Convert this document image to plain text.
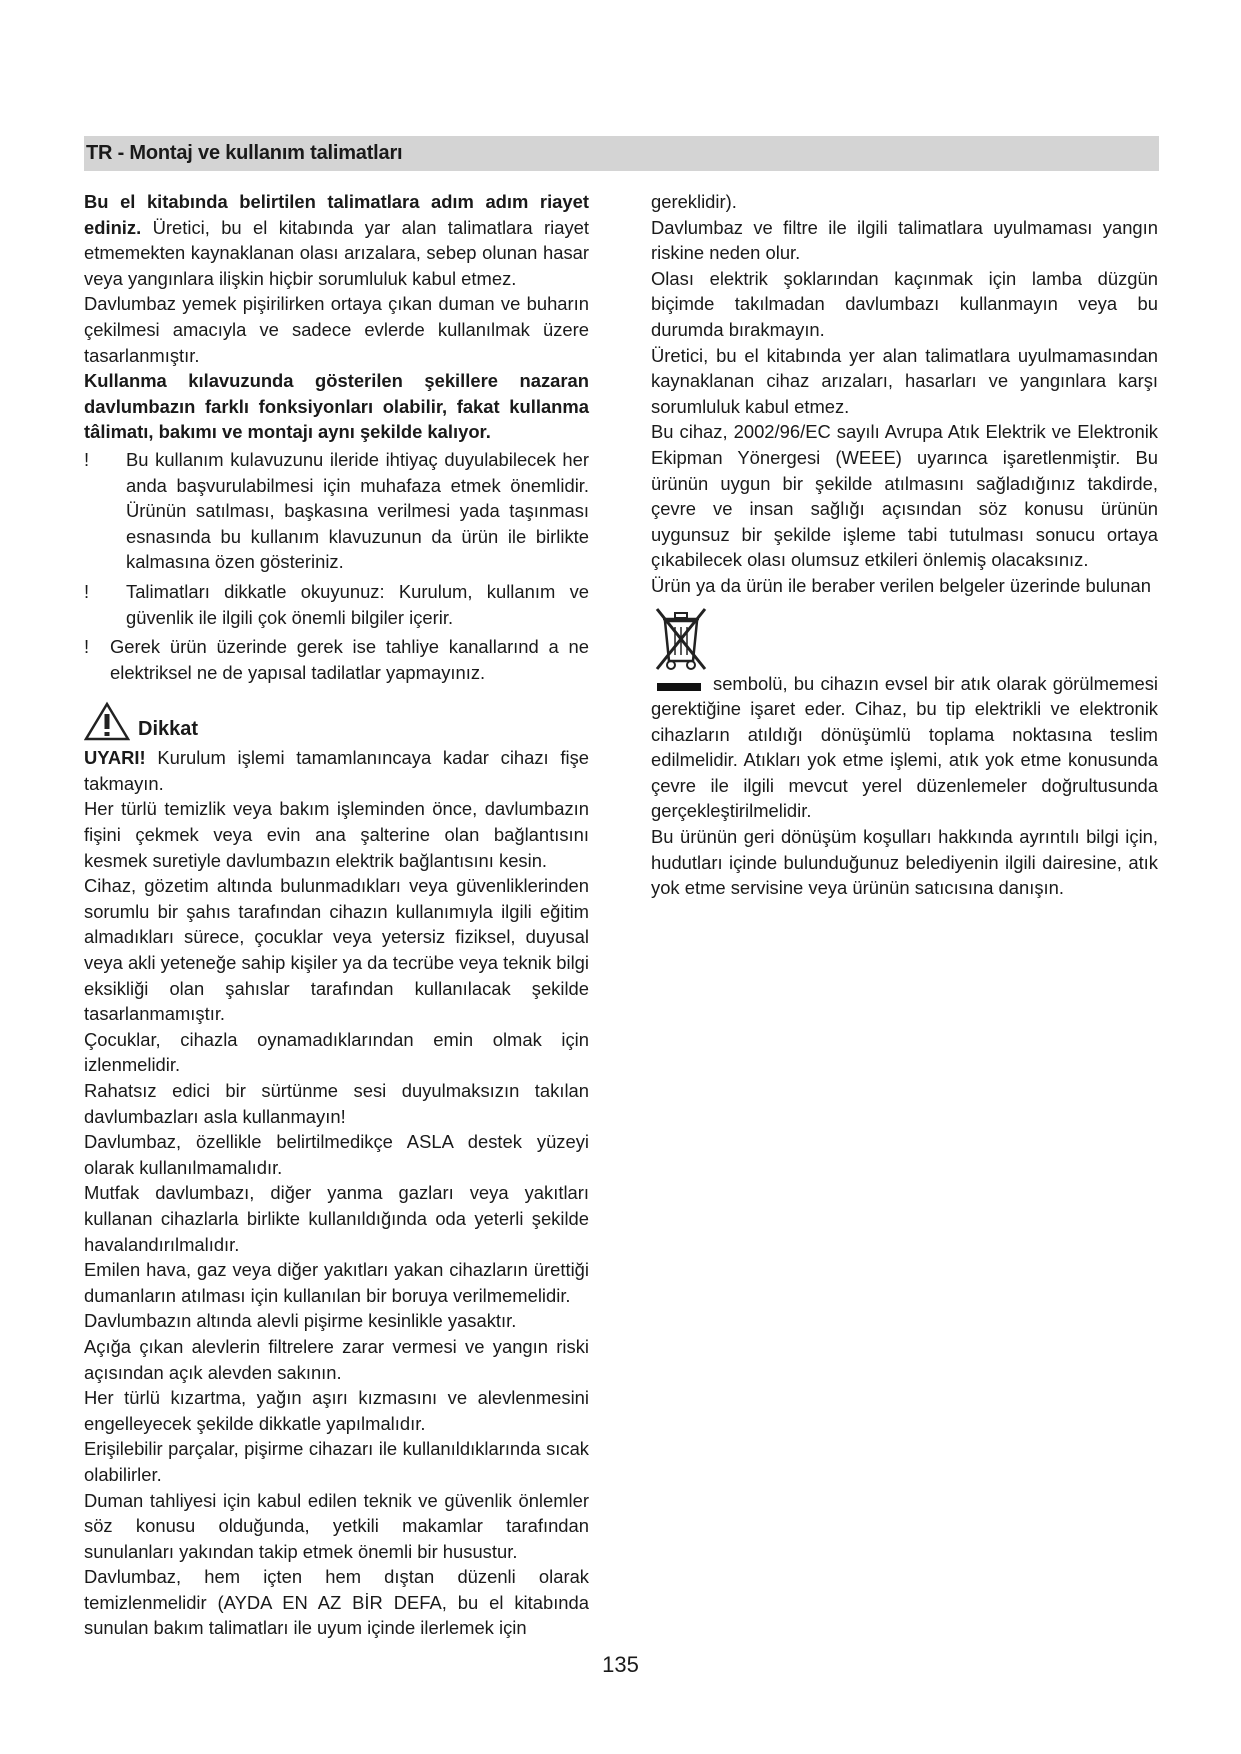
TR - Montaj ve kullanım talimatları

Bu el kitabında belirtilen talimatlara adım adım riayet ediniz. Üretici, bu el kitabında yar alan talimatlara riayet etmemekten kaynaklanan olası arızalara, sebep olunan hasar veya yangınlara ilişkin hiçbir sorumluluk kabul etmez.

Davlumbaz yemek pişirilirken ortaya çıkan duman ve buharın çekilmesi amacıyla ve sadece evlerde kullanılmak üzere tasarlanmıştır.

Kullanma kılavuzunda gösterilen şekillere nazaran davlumbazın farklı fonksiyonları olabilir, fakat kullanma tâlimatı, bakımı ve montajı aynı şekilde kalıyor.

!	Bu kullanım kulavuzunu ileride ihtiyaç duyulabilecek her anda başvurulabilmesi için muhafaza etmek önemlidir. Ürünün satılması, başkasına verilmesi yada taşınması esnasında bu kullanım klavuzunun da ürün ile birlikte kalmasına özen gösteriniz.
!	Talimatları dikkatle okuyunuz: Kurulum, kullanım ve güvenlik ile ilgili çok önemli bilgiler içerir.
!	Gerek ürün üzerinde gerek ise tahliye kanallarınd a ne elektriksel ne de yapısal tadilatlar yapmayınız.
Dikkat

UYARI! Kurulum işlemi tamamlanıncaya kadar cihazı fişe takmayın.

Her türlü temizlik veya bakım işleminden önce, davlumbazın fişini çekmek veya evin ana şalterine olan bağlantısını kesmek suretiyle davlumbazın elektrik bağlantısını kesin.

Cihaz, gözetim altında bulunmadıkları veya güvenliklerinden sorumlu bir şahıs tarafından cihazın kullanımıyla ilgili eğitim almadıkları sürece, çocuklar veya yetersiz fiziksel, duyusal veya akli yeteneğe sahip kişiler ya da tecrübe veya teknik bilgi eksikliği olan şahıslar tarafından kullanılacak şekilde tasarlanmamıştır.

Çocuklar, cihazla oynamadıklarından emin olmak için izlenmelidir.

Rahatsız edici bir sürtünme sesi duyulmaksızın takılan davlumbazları asla kullanmayın!

Davlumbaz, özellikle belirtilmedikçe ASLA destek yüzeyi olarak kullanılmamalıdır.

Mutfak davlumbazı, diğer yanma gazları veya yakıtları kullanan cihazlarla birlikte kullanıldığında oda yeterli şekilde havalandırılmalıdır.

Emilen hava, gaz veya diğer yakıtları yakan cihazların ürettiği dumanların atılması için kullanılan bir boruya verilmemelidir.

Davlumbazın altında alevli pişirme kesinlikle yasaktır.

Açığa çıkan alevlerin filtrelere zarar vermesi ve yangın riski açısından açık alevden sakının.

Her türlü kızartma, yağın aşırı kızmasını ve alevlenmesini engelleyecek şekilde dikkatle yapılmalıdır.

Erişilebilir parçalar, pişirme cihazarı ile kullanıldıklarında sıcak olabilirler.

Duman tahliyesi için kabul edilen teknik ve güvenlik önlemler söz konusu olduğunda, yetkili makamlar tarafından sunulanları yakından takip etmek önemli bir husustur.

Davlumbaz, hem içten hem dıştan düzenli olarak temizlenmelidir (AYDA EN AZ BİR DEFA, bu el kitabında sunulan bakım talimatları ile uyum içinde ilerlemek için

gereklidir).

Davlumbaz ve filtre ile ilgili talimatlara uyulmaması yangın riskine neden olur.

Olası elektrik şoklarından kaçınmak için lamba düzgün biçimde takılmadan davlumbazı kullanmayın veya bu durumda bırakmayın.

Üretici, bu el kitabında yer alan talimatlara uyulmamasından kaynaklanan cihaz arızaları, hasarları ve yangınlara karşı sorumluluk kabul etmez.

Bu cihaz, 2002/96/EC sayılı Avrupa Atık Elektrik ve Elektronik Ekipman Yönergesi (WEEE) uyarınca işaretlenmiştir. Bu ürünün uygun bir şekilde atılmasını sağladığınız takdirde, çevre ve insan sağlığı açısından söz konusu ürünün uygunsuz bir şekilde işleme tabi tutulması sonucu ortaya çıkabilecek olası olumsuz etkileri önlemiş olacaksınız.

Ürün ya da ürün ile beraber verilen belgeler üzerinde bulunan

sembolü, bu cihazın evsel bir atık olarak görülmemesi gerektiğine işaret eder. Cihaz, bu tip elektrikli ve elektronik cihazların atıldığı dönüşümlü toplama noktasına teslim edilmelidir. Atıkları yok etme işlemi, atık yok etme konusunda çevre ile ilgili mevcut yerel düzenlemeler doğrultusunda gerçekleştirilmelidir.

Bu ürünün geri dönüşüm koşulları hakkında ayrıntılı bilgi için, hudutları içinde bulunduğunuz belediyenin ilgili dairesine, atık yok etme servisine veya ürünün satıcısına danışın.

135
